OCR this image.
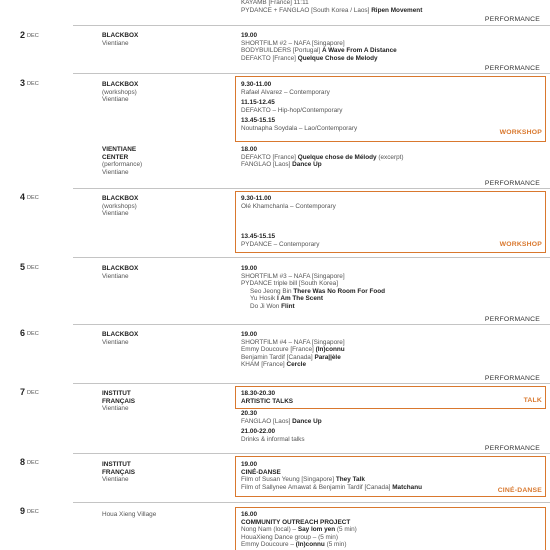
KAYAMB [France] 11:11
PYDANCE + FANGLAO [South Korea / Laos] Ripen Movement
PERFORMANCE
2 DEC	BLACKBOX
Vientiane
19.00
SHORTFILM #2 – NAFA [Singapore]
BODYBUILDERS [Portugal] A Wave From A Distance
DEFAKTO [France] Quelque Chose de Melody
PERFORMANCE
3 DEC	BLACKBOX
(workshops)
Vientiane
9.30-11.00
Rafael Alvarez – Contemporary
11.15-12.45
DEFAKTO – Hip-hop/Contemporary
13.45-15.15
Noutnapha Soydala – Lao/Contemporary
WORKSHOP
VIENTIANE
CENTER
(performance)
Vientiane
18.00
DEFAKTO [France] Quelque chose de Mélody (excerpt)
FANGLAO [Laos] Dance Up
PERFORMANCE
4 DEC	BLACKBOX
(workshops)
Vientiane
9.30-11.00
Olé Khamchanla – Contemporary
13.45-15.15
PYDANCE – Contemporary	WORKSHOP
5 DEC	BLACKBOX
Vientiane
19.00
SHORTFILM #3 – NAFA [Singapore]
PYDANCE triple bill [South Korea]
Seo Jeong Bin There Was No Room For Food
Yu Hosik I Am The Scent
Do Ji Won Flint
PERFORMANCE
6 DEC	BLACKBOX
Vientiane
19.00
SHORTFILM #4 – NAFA [Singapore]
Emmy Doucoure [France] (In)connu
Benjamin Tardif [Canada] Para||èle
KHAM [France] Cercle
PERFORMANCE
7 DEC	INSTITUT
FRANÇAIS
Vientiane
18.30-20.30
ARTISTIC TALKS	TALK
20.30
FANGLAO [Laos] Dance Up
21.00-22.00
Drinks & informal talks
PERFORMANCE
8 DEC	INSTITUT
FRANÇAIS
Vientiane
19.00
CINÉ-DANSE
Film of Susan Yeung [Singapore] They Talk
Film of Sallynee Amawat & Benjamin Tardif [Canada] Matchanu	CINÉ-DANSE
9 DEC	Houa Xieng Village	16.00
COMMUNITY OUTREACH PROJECT
Nong Nam (local) – Say lom yen (5 min)
HouaXieng Dance group – (5 min)
Emmy Doucoure – (In)connu (5 min)
